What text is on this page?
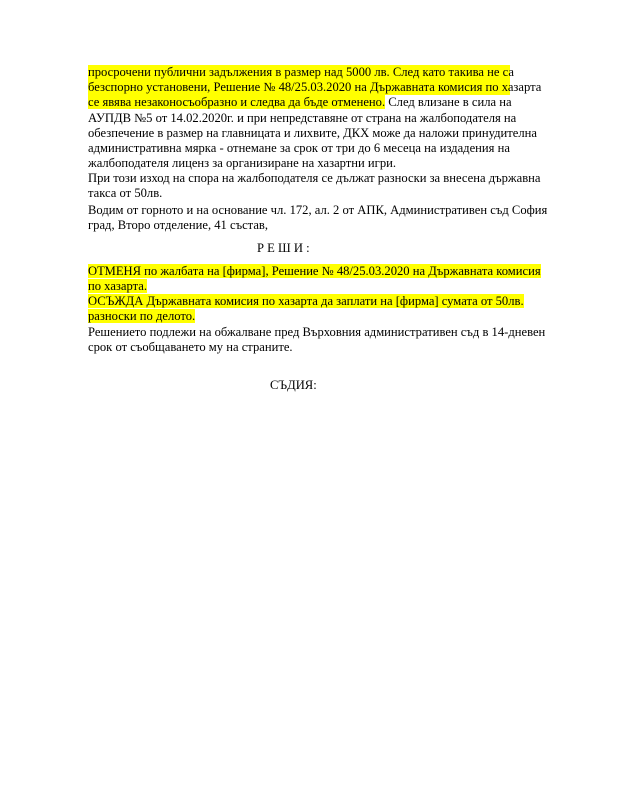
просрочени публични задължения в размер над 5000 лв. След като такива не са
безспорно установени, Решение № 48/25.03.2020 на Държавната комисия по хазарта
се явява незаконосъобразно и следва да бъде отменено. След влизане в сила на
АУПДВ №5 от 14.02.2020г. и при непредставяне от страна на жалбоподателя на
обезпечение в размер на главницата и лихвите, ДКХ може да наложи принудителна
административна мярка - отнемане за срок от три до 6 месеца на издадения на
жалбоподателя лиценз за организиране на хазартни игри.
При този изход на спора на жалбоподателя се дължат разноски за внесена държавна
такса от 50лв.
Водим от горното и на основание чл. 172, ал. 2 от АПК, Административен съд София
град, Второ отделение, 41 състав,
Р Е Ш И :
ОТМЕНЯ по жалбата на [фирма], Решение № 48/25.03.2020 на Държавната комисия
по хазарта.
ОСЪЖДА Държавната комисия по хазарта да заплати на [фирма] сумата от 50лв.
разноски по делото.
Решението подлежи на обжалване пред Върховния административен съд в 14-дневен
срок от съобщаването му на страните.
СЪДИЯ:
